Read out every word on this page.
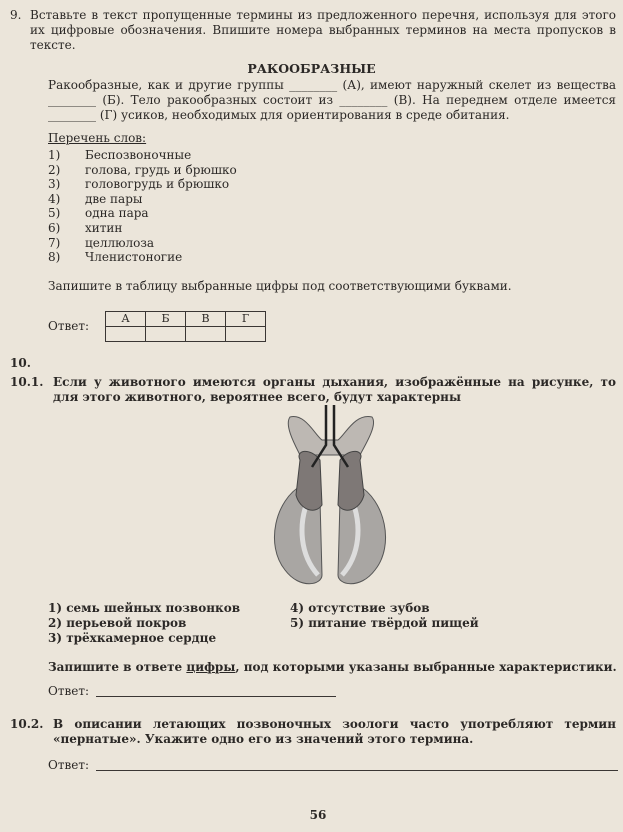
9. Вставьте в текст пропущенные термины из предложенного перечня, используя для этого их цифровые обозначения. Впишите номера выбранных терминов на места пропусков в тексте.
РАКООБРАЗНЫЕ
Ракообразные, как и другие группы ________ (А), имеют наружный скелет из вещества ________ (Б). Тело ракообразных состоит из ________ (В). На переднем отделе имеется ________ (Г) усиков, необходимых для ориентирования в среде обитания.
Перечень слов:
1) Беспозвоночные
2) голова, грудь и брюшко
3) головогрудь и брюшко
4) две пары
5) одна пара
6) хитин
7) целлюлоза
8) Членистоногие
Запишите в таблицу выбранные цифры под соответствующими буквами.
Ответ:
А	Б	В	Г

10.
10.1. Если у животного имеются органы дыхания, изображённые на рисунке, то для этого животного, вероятнее всего, будут характерны
1) семь шейных позвонков
2) перьевой покров
3) трёхкамерное сердце
4) отсутствие зубов
5) питание твёрдой пищей
Запишите в ответе цифры, под которыми указаны выбранные характеристики.
Ответ:
10.2. В описании летающих позвоночных зоологи часто употребляют термин «пернатые». Укажите одно его из значений этого термина.
Ответ:
56
